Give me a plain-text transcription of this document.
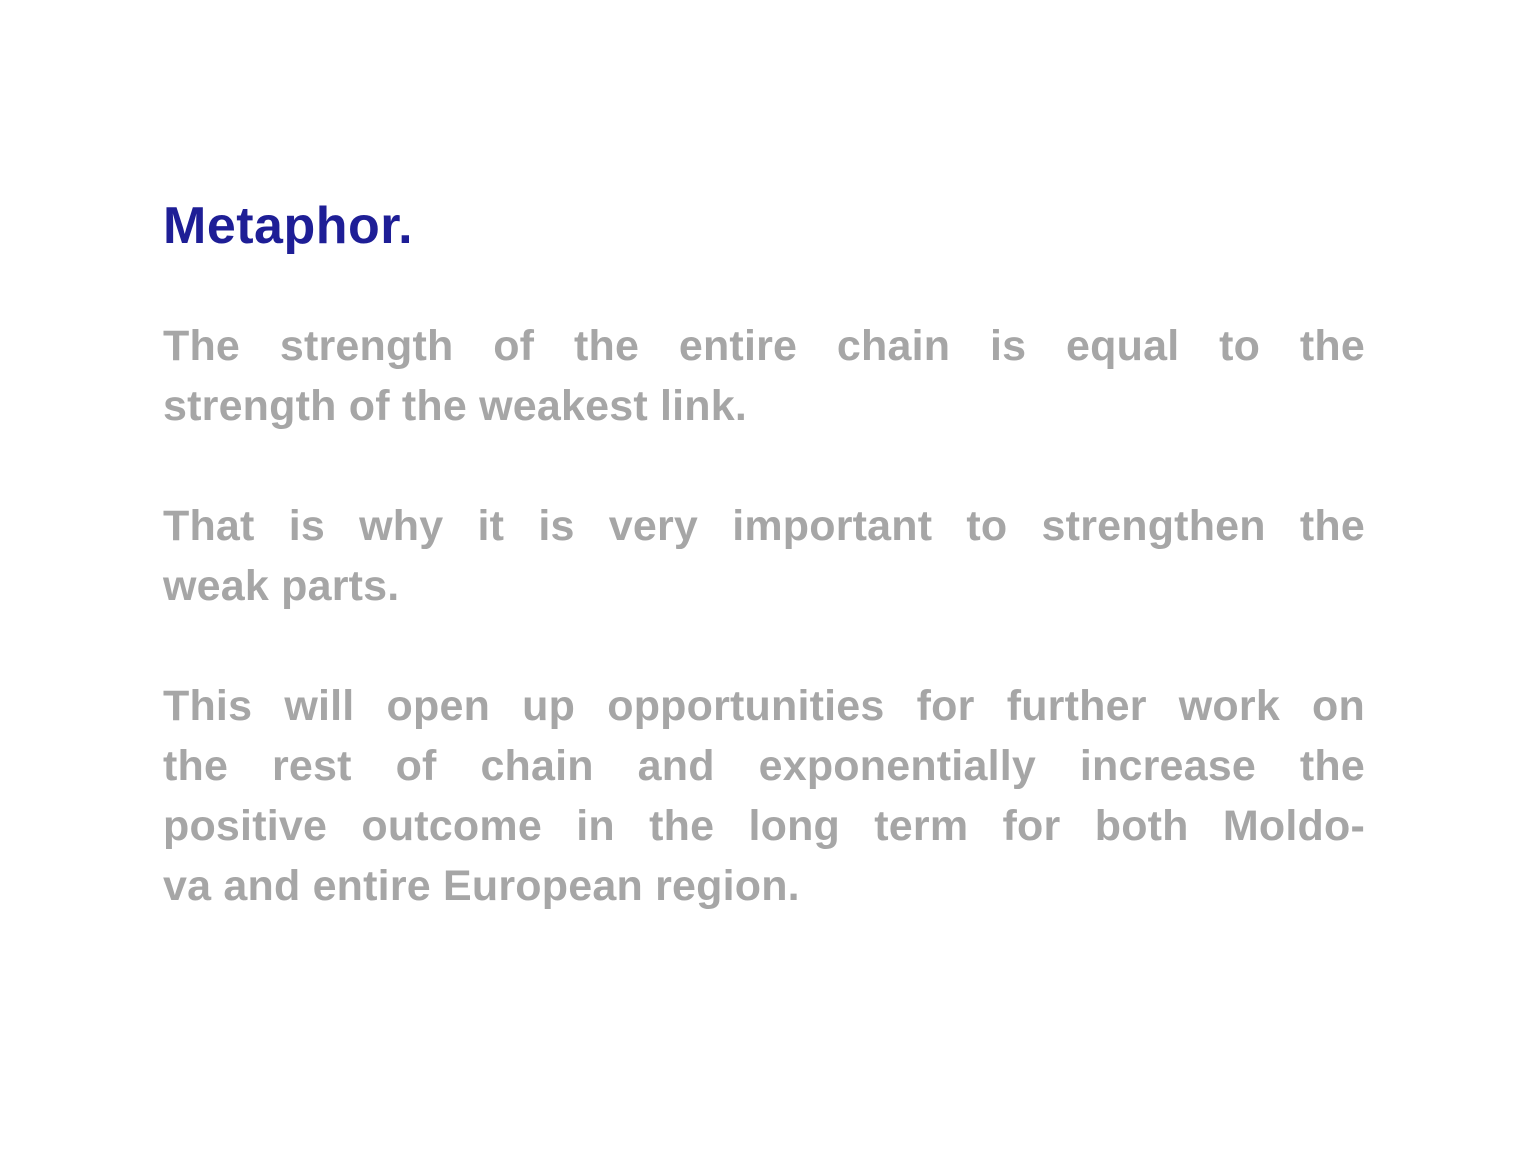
Metaphor.
The strength of the entire chain is equal to the
strength of the weakest link.
That is why it is very important to strengthen the
weak parts.
This will open up opportunities for further work on
the rest of chain and exponentially increase the
positive outcome in the long term for both Moldo-
va and entire European region.
